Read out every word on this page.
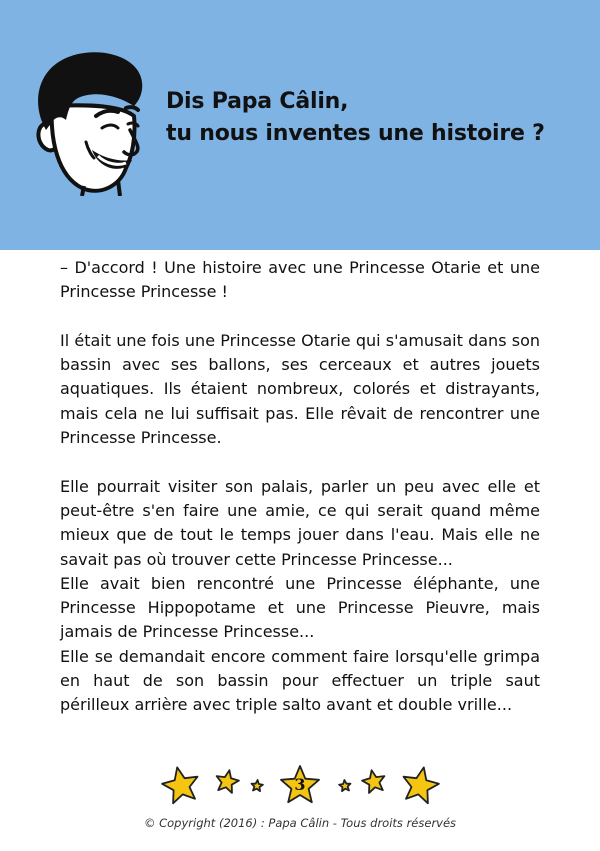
Dis Papa Câlin,
tu nous inventes une histoire ?

– D'accord ! Une histoire avec une Princesse Otarie et une Princesse Princesse !

Il était une fois une Princesse Otarie qui s'amusait dans son bassin avec ses ballons, ses cerceaux et autres jouets aquatiques. Ils étaient nombreux, colorés et distrayants, mais cela ne lui suffisait pas. Elle rêvait de rencontrer une Princesse Princesse.

Elle pourrait visiter son palais, parler un peu avec elle et peut-être s'en faire une amie, ce qui serait quand même mieux que de tout le temps jouer dans l'eau. Mais elle ne savait pas où trouver cette Princesse Princesse...

Elle avait bien rencontré une Princesse éléphante, une Princesse Hippopotame et une Princesse Pieuvre, mais jamais de Princesse Princesse...

Elle se demandait encore comment faire lorsqu'elle grimpa en haut de son bassin pour effectuer un triple saut périlleux arrière avec triple salto avant et double vrille...

3
© Copyright (2016) : Papa Câlin - Tous droits réservés
